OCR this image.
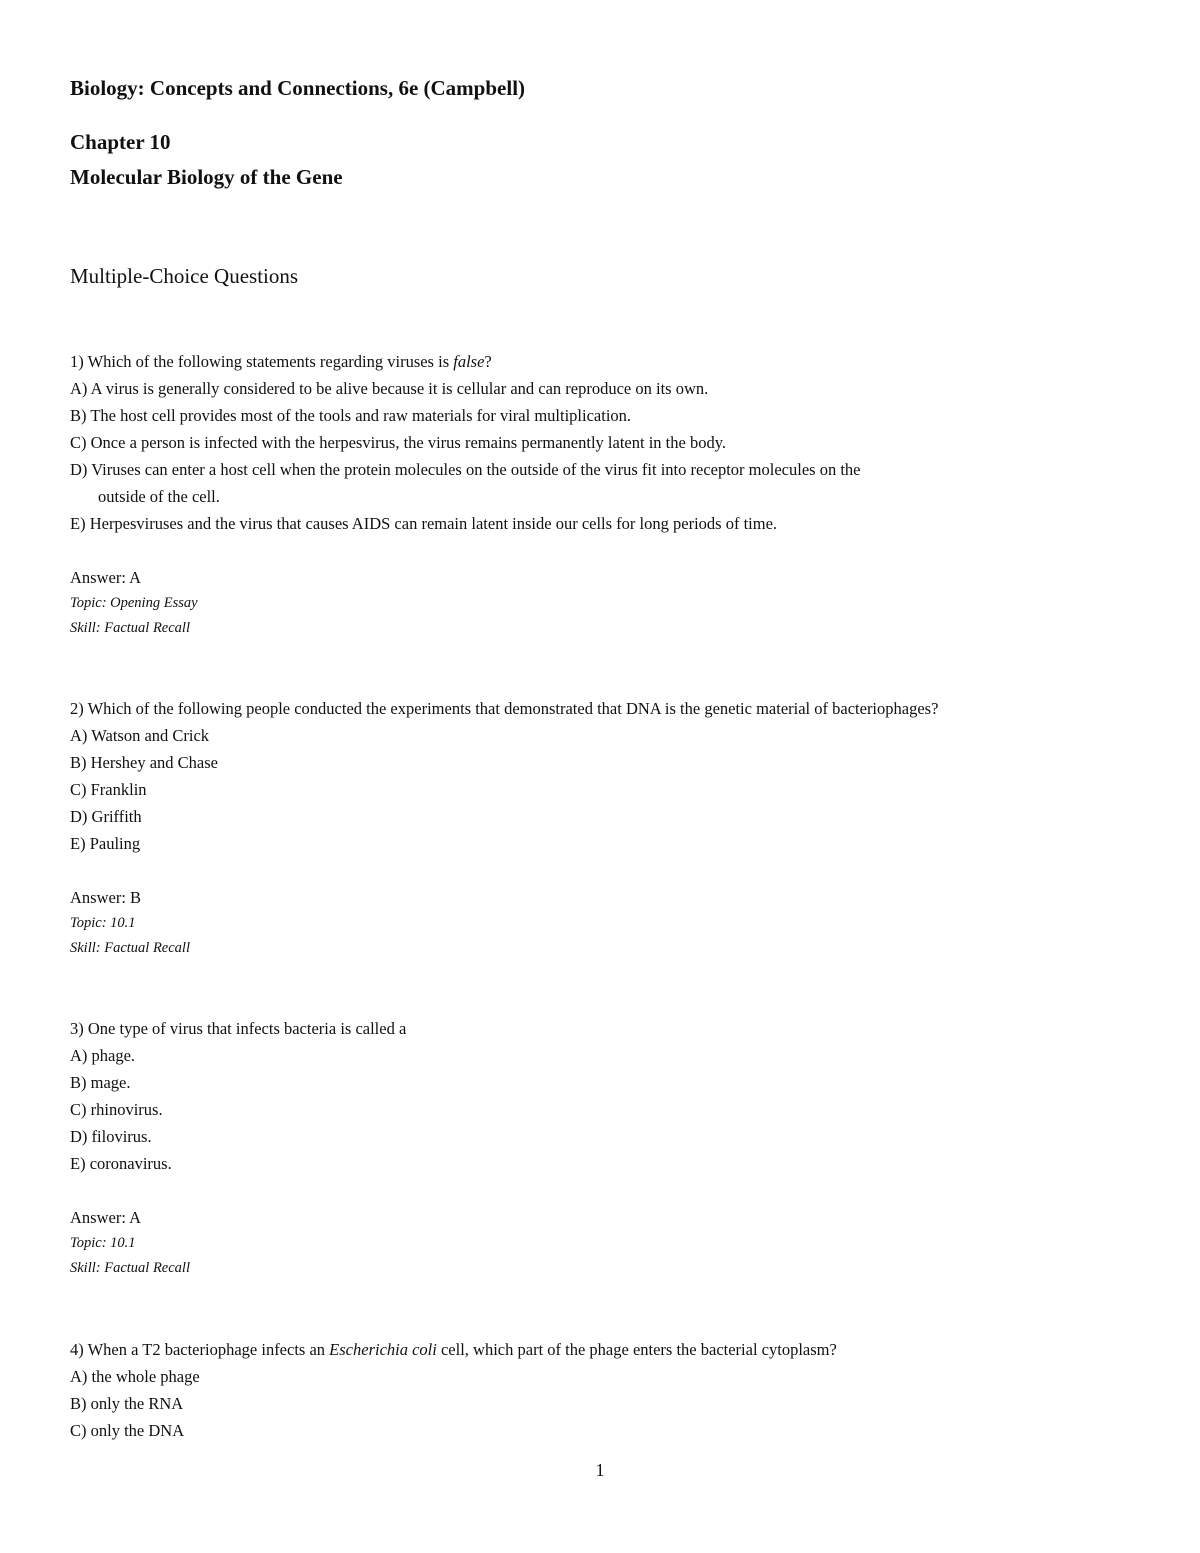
Biology: Concepts and Connections, 6e (Campbell)
Chapter 10
Molecular Biology of the Gene
Multiple-Choice Questions
1) Which of the following statements regarding viruses is false?
A) A virus is generally considered to be alive because it is cellular and can reproduce on its own.
B) The host cell provides most of the tools and raw materials for viral multiplication.
C) Once a person is infected with the herpesvirus, the virus remains permanently latent in the body.
D) Viruses can enter a host cell when the protein molecules on the outside of the virus fit into receptor molecules on the
outside of the cell.
E) Herpesviruses and the virus that causes AIDS can remain latent inside our cells for long periods of time.
Answer: A
Topic: Opening Essay
Skill: Factual Recall
2) Which of the following people conducted the experiments that demonstrated that DNA is the genetic material of bacteriophages?
A) Watson and Crick
B) Hershey and Chase
C) Franklin
D) Griffith
E) Pauling
Answer: B
Topic: 10.1
Skill: Factual Recall
3) One type of virus that infects bacteria is called a
A) phage.
B) mage.
C) rhinovirus.
D) filovirus.
E) coronavirus.
Answer: A
Topic: 10.1
Skill: Factual Recall
4) When a T2 bacteriophage infects an Escherichia coli cell, which part of the phage enters the bacterial cytoplasm?
A) the whole phage
B) only the RNA
C) only the DNA
1
